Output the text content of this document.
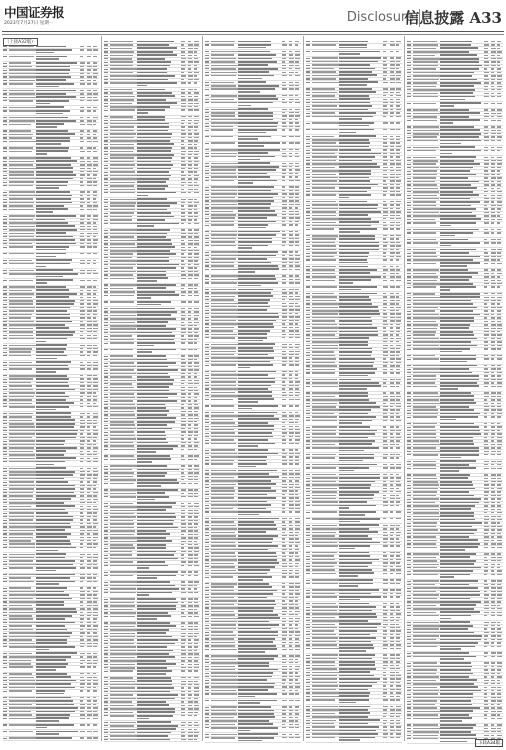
中国证券报
2023年7月27日 星期一	Disclosure
信息披露 A33
（上接A32版）
下转A34版
